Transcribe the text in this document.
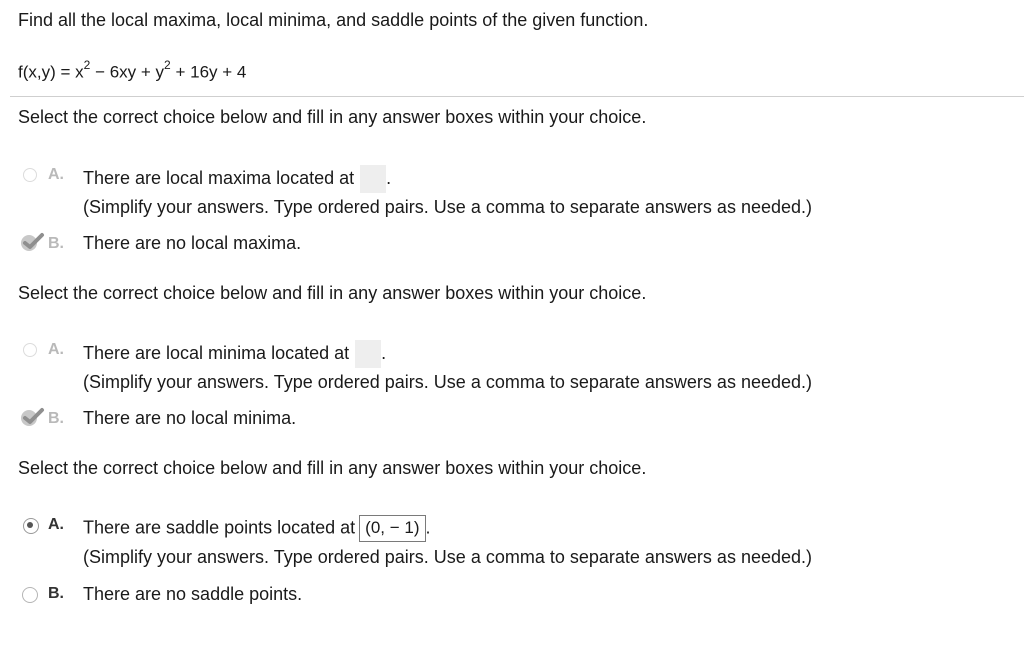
Find all the local maxima, local minima, and saddle points of the given function.
$f(x,y) = x^2 - 6xy + y^2 + 16y + 4$
Select the correct choice below and fill in any answer boxes within your choice.
A. There are local maxima located at .
(Simplify your answers. Type ordered pairs. Use a comma to separate answers as needed.)
B. There are no local maxima.
Select the correct choice below and fill in any answer boxes within your choice.
A. There are local minima located at .
(Simplify your answers. Type ordered pairs. Use a comma to separate answers as needed.)
B. There are no local minima.
Select the correct choice below and fill in any answer boxes within your choice.
A. There are saddle points located at (0, − 1) .
(Simplify your answers. Type ordered pairs. Use a comma to separate answers as needed.)
B. There are no saddle points.
